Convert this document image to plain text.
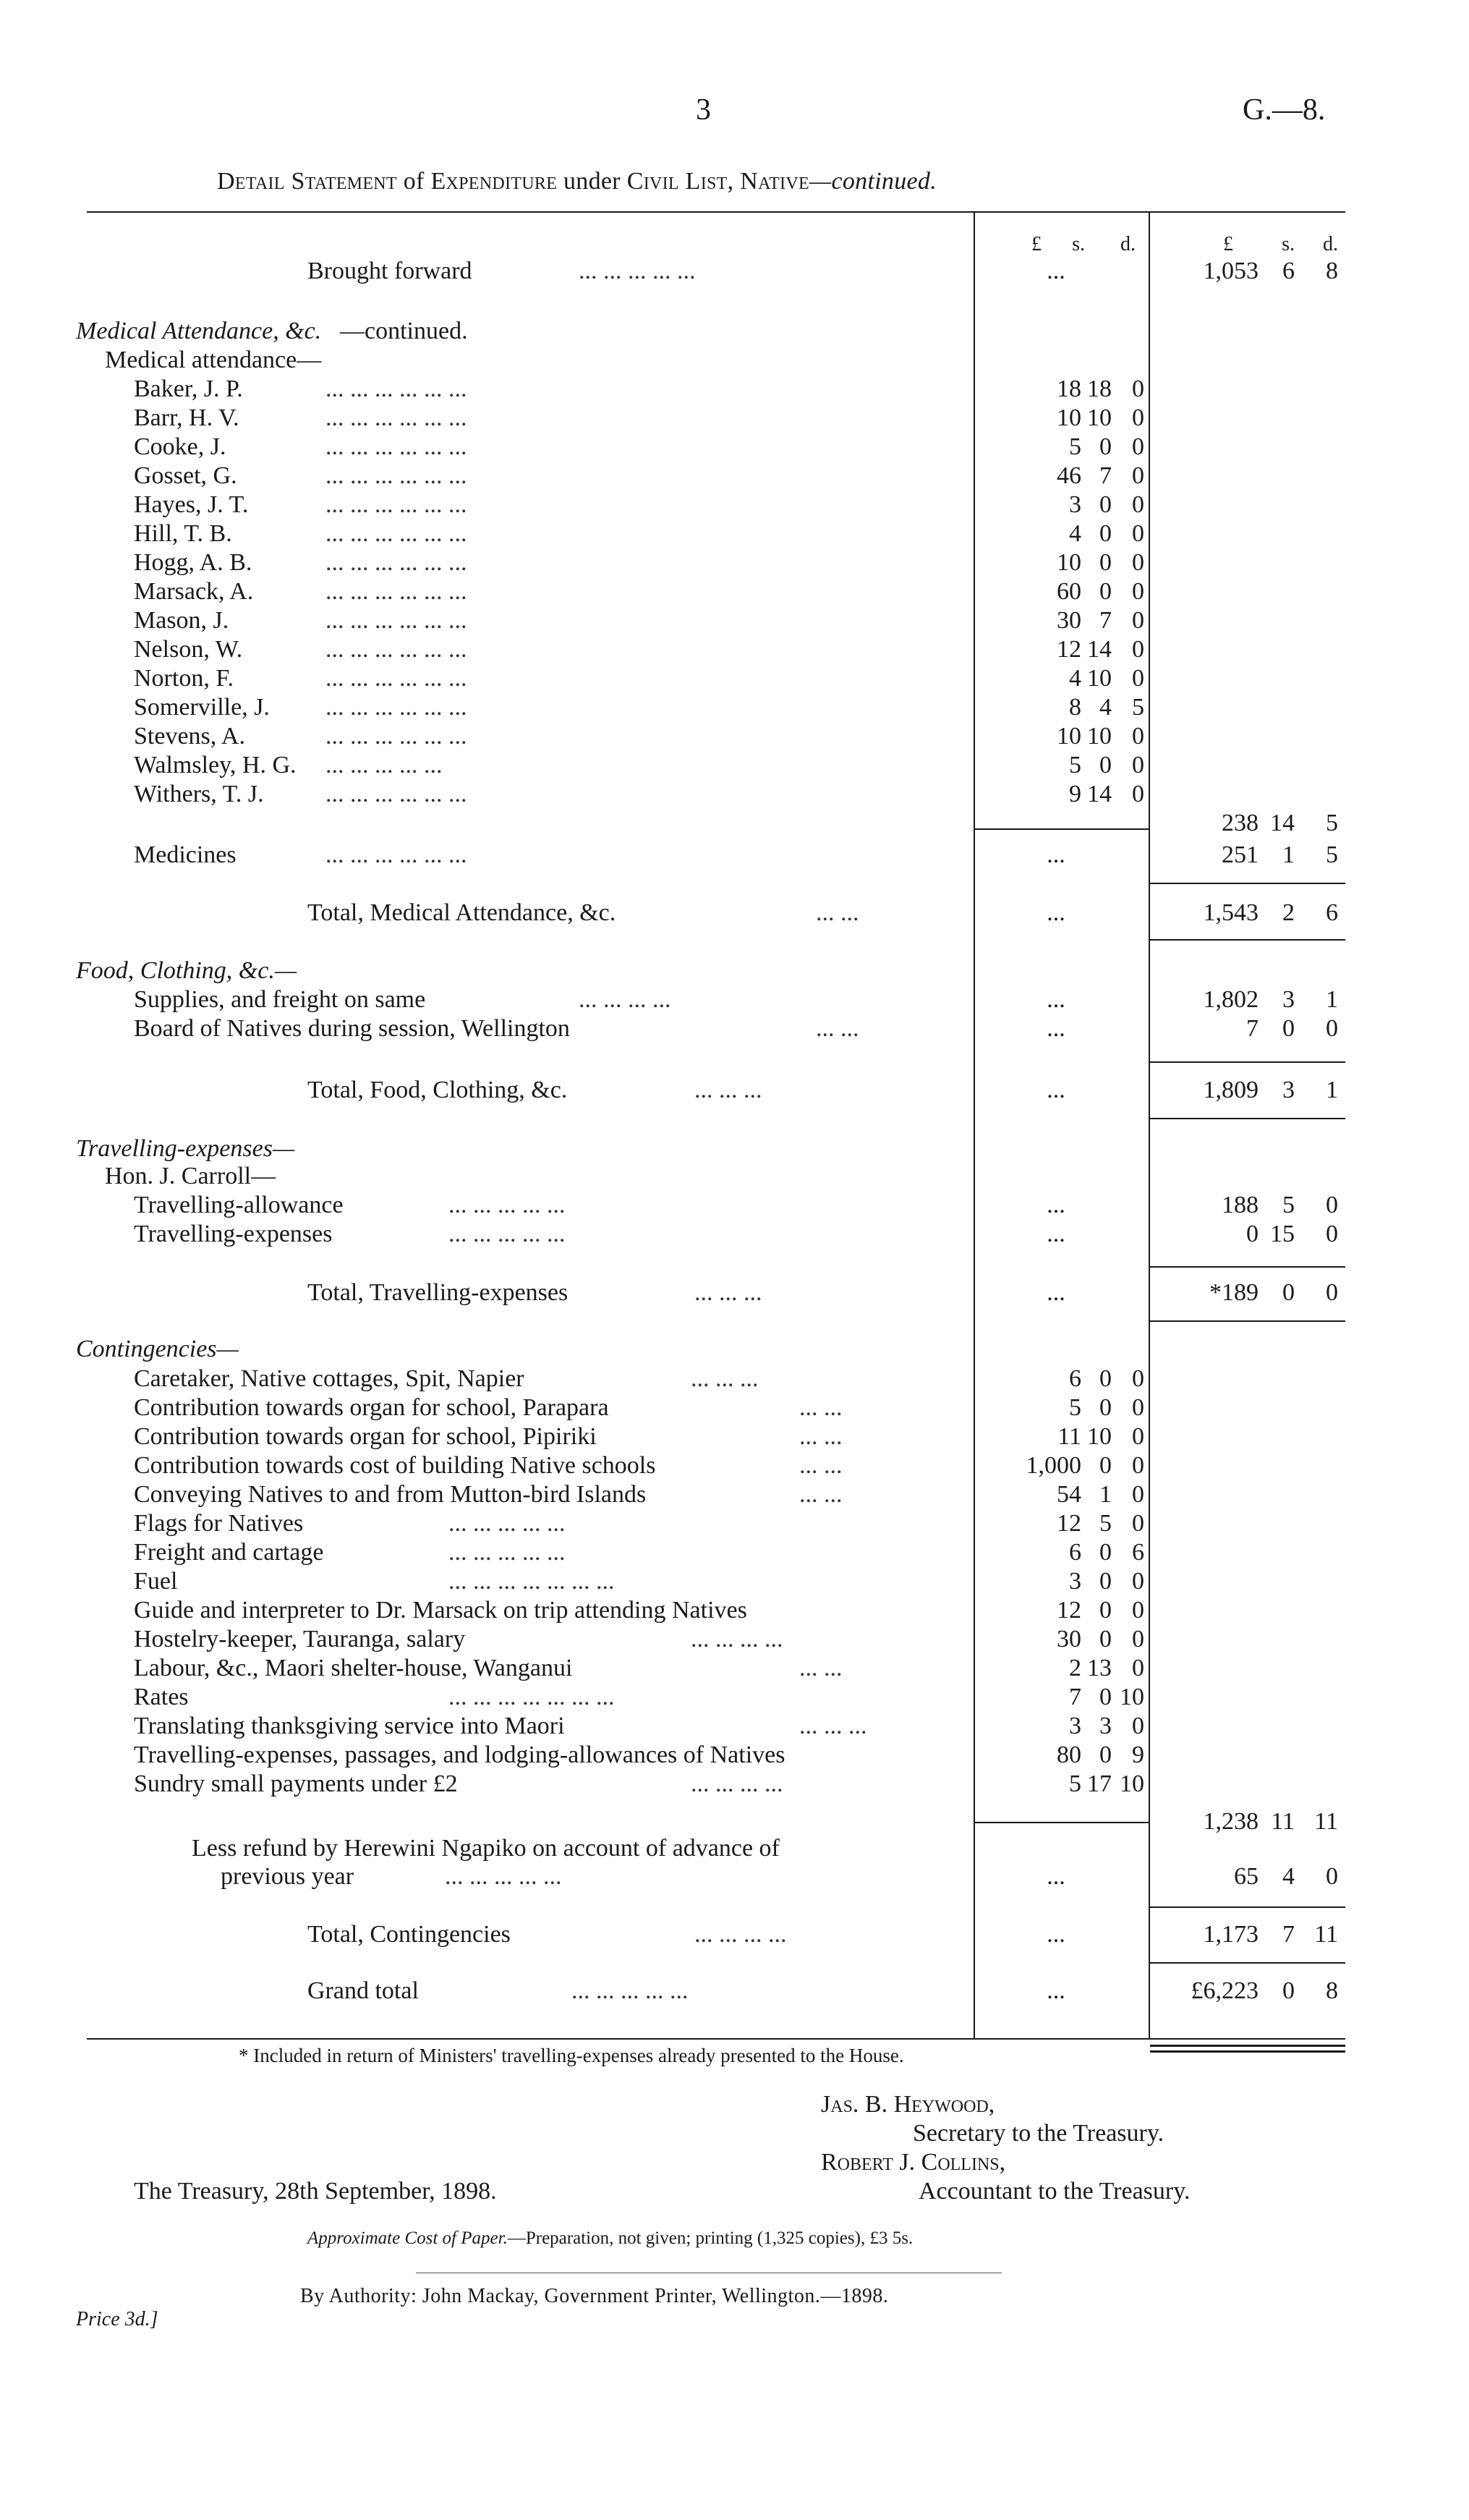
3	G.—8.
Detail Statement of Expenditure under Civil List, Native—continued.
£	s.	d.	£	s.	d.
Brought forward	... ... ... ... ...	...	1,053 6	8
Medical Attendance, &c. —continued.
Medical attendance—
Baker, J. P.	... ... ... ... ... ...	18 18 0
Barr, H. V.	... ... ... ... ... ...	10 10 0
Cooke, J.	... ... ... ... ... ...	5 0 0
Gosset, G.	... ... ... ... ... ...	46 7 0
Hayes, J. T.	... ... ... ... ... ...	3 0 0
Hill, T. B.	... ... ... ... ... ...	4 0 0
Hogg, A. B.	... ... ... ... ... ...	10 0 0
Marsack, A.	... ... ... ... ... ...	60 0 0
Mason, J.	... ... ... ... ... ...	30 7 0
Nelson, W.	... ... ... ... ... ...	12 14 0
Norton, F.	... ... ... ... ... ...	4 10 0
Somerville, J. ... ... ... ... ... ...	8 4 5
Stevens, A.	... ... ... ... ... ...	10 10 0
Walmsley, H. G. ... ... ... ... ...	5 0 0
Withers, T. J.	... ... ... ... ... ...	9 14 0
238 14	5
Medicines	... ... ... ... ... ...	...	251 1	5
Total, Medical Attendance, &c.	... ...	...	1,543 2	6
Food, Clothing, &c.—
Supplies, and freight on same	... ... ... ...	...	1,802 3	1
Board of Natives during session, Wellington	... ...	...	7 0	0
Total, Food, Clothing, &c.	... ... ...	...	1,809 3	1
Travelling-expenses—
Hon. J. Carroll—
Travelling-allowance	... ... ... ... ...	...	188 5	0
Travelling-expenses	... ... ... ... ...	...	0 15	0
Total, Travelling-expenses	... ... ...	...	*189 0	0
Contingencies—
Caretaker, Native cottages, Spit, Napier	... ... ...	6 0 0
Contribution towards organ for school, Parapara	... ...	5 0 0
Contribution towards organ for school, Pipiriki	... ...	11 10 0
Contribution towards cost of building Native schools	... ...	1,000 0 0
Conveying Natives to and from Mutton-bird Islands	... ...	54 1 0
Flags for Natives	... ... ... ... ...	12 5 0
Freight and cartage	... ... ... ... ...	6 0 6
Fuel	... ... ... ... ... ... ...	3 0 0
Guide and interpreter to Dr. Marsack on trip attending Natives	12 0 0
Hostelry-keeper, Tauranga, salary	... ... ... ...	30 0 0
Labour, &c., Maori shelter-house, Wanganui	... ...	2 13 0
Rates	... ... ... ... ... ... ...	7 0 10
Translating thanksgiving service into Maori	... ... ...	3 3 0
Travelling-expenses, passages, and lodging-allowances of Natives	80 0 9
Sundry small payments under £2	... ... ... ...	5 17 10
1,238 11 11
Less refund by Herewini Ngapiko on account of advance of
previous year	... ... ... ... ...	...	65 4	0
Total, Contingencies	... ... ... ...	...	1,173 7 11
Grand total	... ... ... ... ...	...	£6,223 0	8
* Included in return of Ministers' travelling-expenses already presented to the House.
Jas. B. Heywood,
Secretary to the Treasury.
Robert J. Collins,
The Treasury, 28th September, 1898.	Accountant to the Treasury.
Approximate Cost of Paper.—Preparation, not given; printing (1,325 copies), £3 5s.
By Authority: John Mackay, Government Printer, Wellington.—1898.
Price 3d.]
